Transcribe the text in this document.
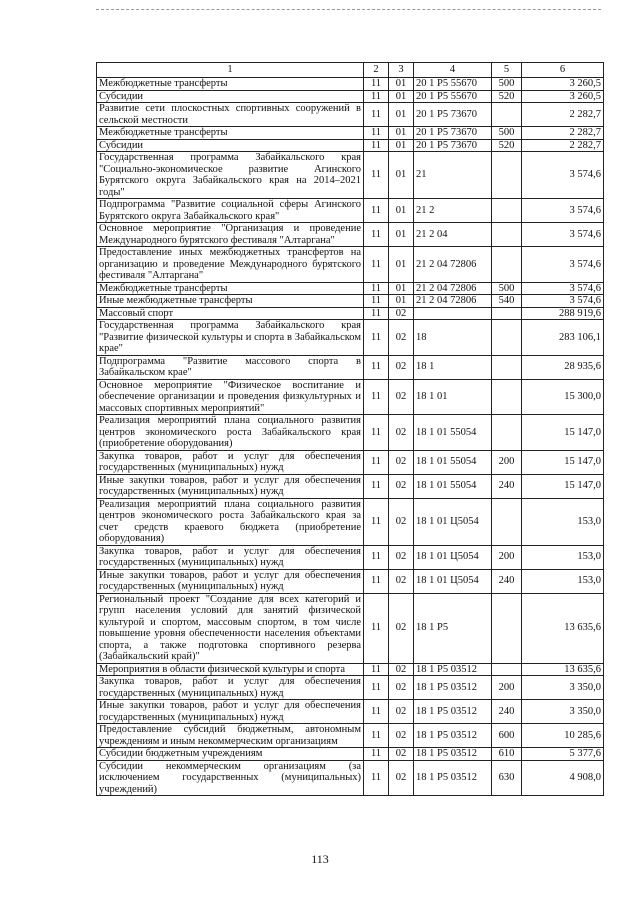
1	2	3	4	5	6
Межбюджетные трансферты	11	01	20 1 P5 55670	500	3 260,5
Субсидии	11	01	20 1 P5 55670	520	3 260,5
Развитие сети плоскостных спортивных сооружений в сельской местности	11	01	20 1 P5 73670		2 282,7
Межбюджетные трансферты	11	01	20 1 P5 73670	500	2 282,7
Субсидии	11	01	20 1 P5 73670	520	2 282,7
Государственная программа Забайкальского края "Социально-экономическое развитие Агинского Бурятского округа Забайкальского края на 2014–2021 годы"	11	01	21		3 574,6
Подпрограмма "Развитие социальной сферы Агинского Бурятского округа Забайкальского края"	11	01	21 2		3 574,6
Основное мероприятие "Организация и проведение Международного бурятского фестиваля "Алтаргана"	11	01	21 2 04		3 574,6
Предоставление иных межбюджетных трансфертов на организацию и проведение Международного бурятского фестиваля "Алтаргана"	11	01	21 2 04 72806		3 574,6
Межбюджетные трансферты	11	01	21 2 04 72806	500	3 574,6
Иные межбюджетные трансферты	11	01	21 2 04 72806	540	3 574,6
Массовый спорт	11	02			288 919,6
Государственная программа Забайкальского края "Развитие физической культуры и спорта в Забайкальском крае"	11	02	18		283 106,1
Подпрограмма "Развитие массового спорта в Забайкальском крае"	11	02	18 1		28 935,6
Основное мероприятие "Физическое воспитание и обеспечение организации и проведения физкультурных и массовых спортивных мероприятий"	11	02	18 1 01		15 300,0
Реализация мероприятий плана социального развития центров экономического роста Забайкальского края (приобретение оборудования)	11	02	18 1 01 55054		15 147,0
Закупка товаров, работ и услуг для обеспечения государственных (муниципальных) нужд	11	02	18 1 01 55054	200	15 147,0
Иные закупки товаров, работ и услуг для обеспечения государственных (муниципальных) нужд	11	02	18 1 01 55054	240	15 147,0
Реализация мероприятий плана социального развития центров экономического роста Забайкальского края за счет средств краевого бюджета (приобретение оборудования)	11	02	18 1 01 Ц5054		153,0
Закупка товаров, работ и услуг для обеспечения государственных (муниципальных) нужд	11	02	18 1 01 Ц5054	200	153,0
Иные закупки товаров, работ и услуг для обеспечения государственных (муниципальных) нужд	11	02	18 1 01 Ц5054	240	153,0
Региональный проект "Создание для всех категорий и групп населения условий для занятий физической культурой и спортом, массовым спортом, в том числе повышение уровня обеспеченности населения объектами спорта, а также подготовка спортивного резерва (Забайкальский край)"	11	02	18 1 P5		13 635,6
Мероприятия в области физической культуры и спорта	11	02	18 1 P5 03512		13 635,6
Закупка товаров, работ и услуг для обеспечения государственных (муниципальных) нужд	11	02	18 1 P5 03512	200	3 350,0
Иные закупки товаров, работ и услуг для обеспечения государственных (муниципальных) нужд	11	02	18 1 P5 03512	240	3 350,0
Предоставление субсидий бюджетным, автономным учреждениям и иным некоммерческим организациям	11	02	18 1 P5 03512	600	10 285,6
Субсидии бюджетным учреждениям	11	02	18 1 P5 03512	610	5 377,6
Субсидии некоммерческим организациям (за исключением государственных (муниципальных) учреждений)	11	02	18 1 P5 03512	630	4 908,0
113
